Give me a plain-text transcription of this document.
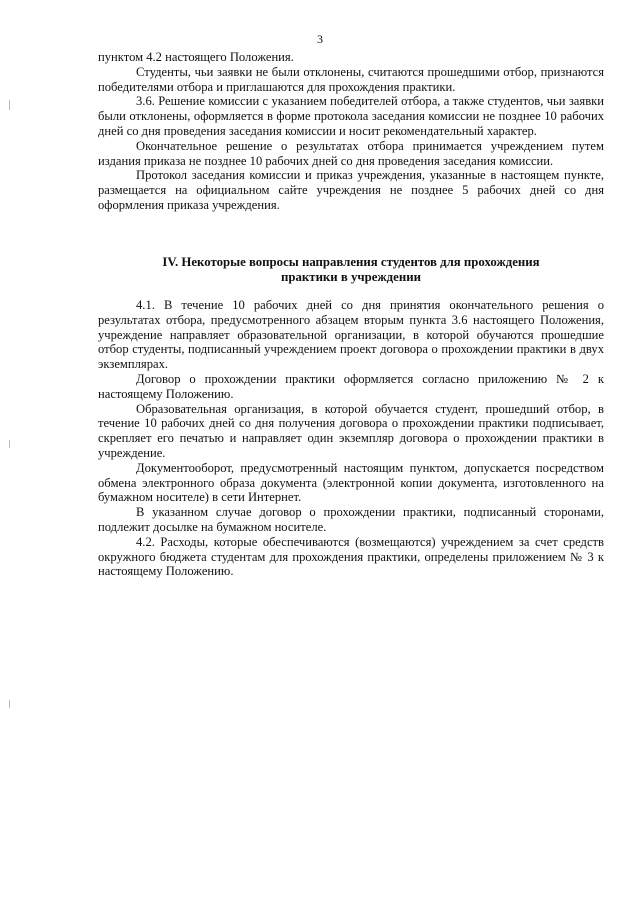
3

пунктом 4.2 настоящего Положения.

Студенты, чьи заявки не были отклонены, считаются прошедшими отбор, признаются победителями отбора и приглашаются для прохождения практики.

3.6. Решение комиссии с указанием победителей отбора, а также студентов, чьи заявки были отклонены, оформляется в форме протокола заседания комиссии не позднее 10 рабочих дней со дня проведения заседания комиссии и носит рекомендательный характер.

Окончательное решение о результатах отбора принимается учреждением путем издания приказа не позднее 10 рабочих дней со дня проведения заседания комиссии.

Протокол заседания комиссии и приказ учреждения, указанные в настоящем пункте, размещается на официальном сайте учреждения не позднее 5 рабочих дней со дня оформления приказа учреждения.

IV. Некоторые вопросы направления студентов для прохождения
практики в учреждении

4.1. В течение 10 рабочих дней со дня принятия окончательного решения о результатах отбора, предусмотренного абзацем вторым пункта 3.6 настоящего Положения, учреждение направляет образовательной организации, в которой обучаются прошедшие отбор студенты, подписанный учреждением проект договора о прохождении практики в двух экземплярах.

Договор о прохождении практики оформляется согласно приложению № 2 к настоящему Положению.

Образовательная организация, в которой обучается студент, прошедший отбор, в течение 10 рабочих дней со дня получения договора о прохождении практики подписывает, скрепляет его печатью и направляет один экземпляр договора о прохождении практики в учреждение.

Документооборот, предусмотренный настоящим пунктом, допускается посредством обмена электронного образа документа (электронной копии документа, изготовленного на бумажном носителе) в сети Интернет.

В указанном случае договор о прохождении практики, подписанный сторонами, подлежит досылке на бумажном носителе.

4.2. Расходы, которые обеспечиваются (возмещаются) учреждением за счет средств окружного бюджета студентам для прохождения практики, определены приложением № 3 к настоящему Положению.
